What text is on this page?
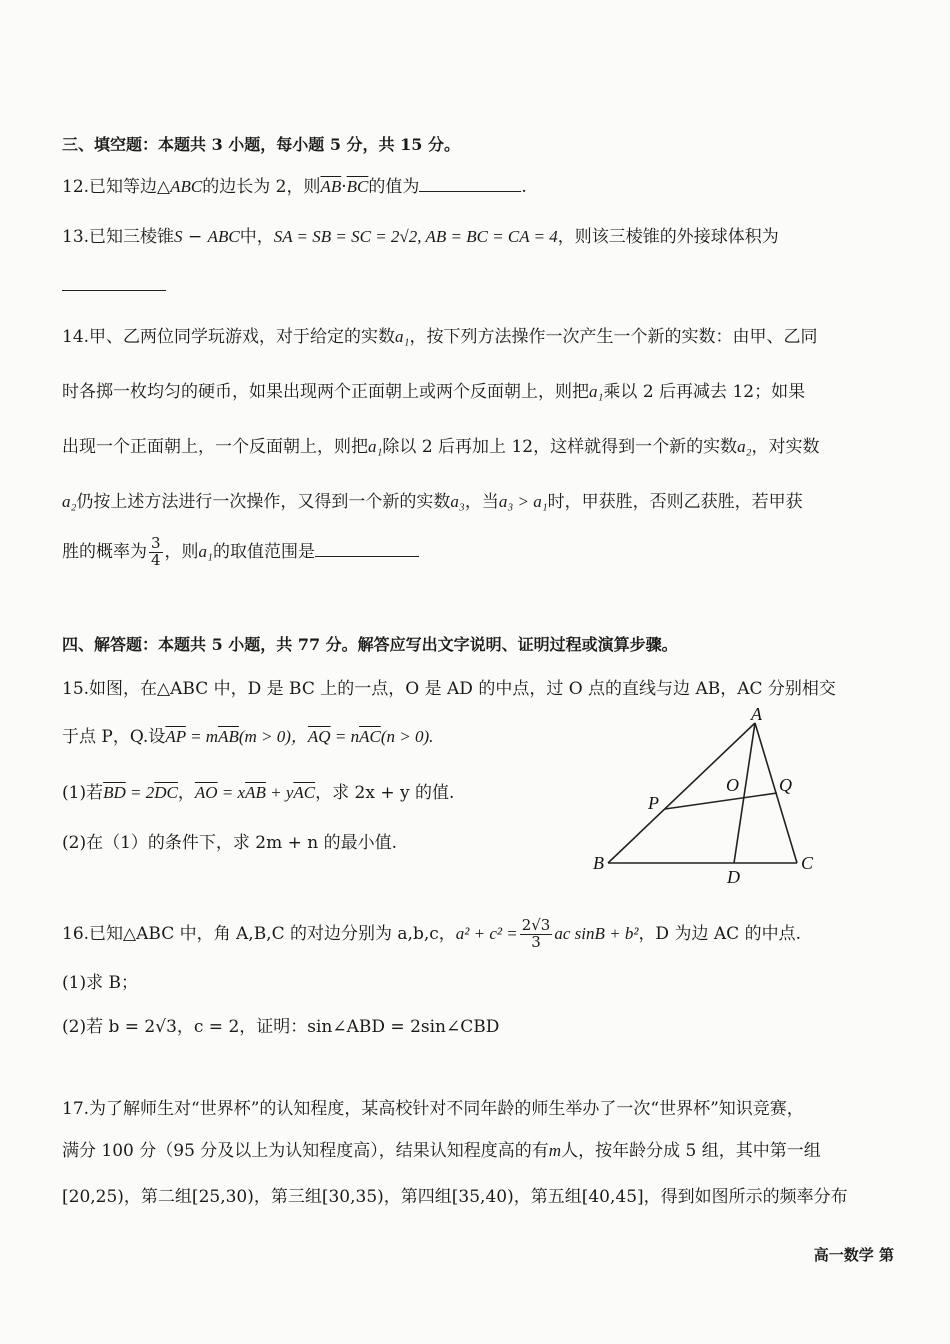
三、填空题：本题共 3 小题，每小题 5 分，共 15 分。
12.已知等边△ABC的边长为 2，则$\overline{AB}\cdot\overline{BC}$的值为	.
13.已知三棱锥S − ABC中，SA = SB = SC = 2√2, AB = BC = CA = 4，则该三棱锥的外接球体积为
14.甲、乙两位同学玩游戏，对于给定的实数a₁，按下列方法操作一次产生一个新的实数：由甲、乙同
时各掷一枚均匀的硬币，如果出现两个正面朝上或两个反面朝上，则把a₁乘以 2 后再减去 12；如果
出现一个正面朝上，一个反面朝上，则把a₁除以 2 后再加上 12，这样就得到一个新的实数a₂，对实数
a₂仍按上述方法进行一次操作，又得到一个新的实数a₃，当a₃ > a₁时，甲获胜，否则乙获胜，若甲获
胜的概率为 $\frac{3}{4}$ ，则a₁的取值范围是
四、解答题：本题共 5 小题，共 77 分。解答应写出文字说明、证明过程或演算步骤。
15.如图，在△ABC 中，D 是 BC 上的一点，O 是 AD 的中点，过 O 点的直线与边 AB，AC 分别相交
于点 P，Q.设$\overline{AP} = m\overline{AB}(m > 0)$，$\overline{AQ} = n\overline{AC}(n > 0)$.
(1)若$\overline{BD} = 2\overline{DC}$，$\overline{AO} = x\overline{AB} + y\overline{AC}$，求 2x + y 的值.
(2)在（1）的条件下，求 2m + n 的最小值.
A
B	C
D
O
P
Q
16.已知△ABC 中，角 A,B,C 的对边分别为 a,b,c，$a^2 + c^2 = \frac{2√3}{3}$ ac sinB + b²，D 为边 AC 的中点.
(1)求 B；
(2)若 b = 2√3，c = 2，证明：sin∠ABD = 2sin∠CBD
17.为了解师生对“世界杯”的认知程度，某高校针对不同年龄的师生举办了一次“世界杯”知识竞赛，
满分 100 分（95 分及以上为认知程度高），结果认知程度高的有m人，按年龄分成 5 组，其中第一组
[20,25)，第二组[25,30)，第三组[30,35)，第四组[35,40)，第五组[40,45]，得到如图所示的频率分布
高一数学 第
